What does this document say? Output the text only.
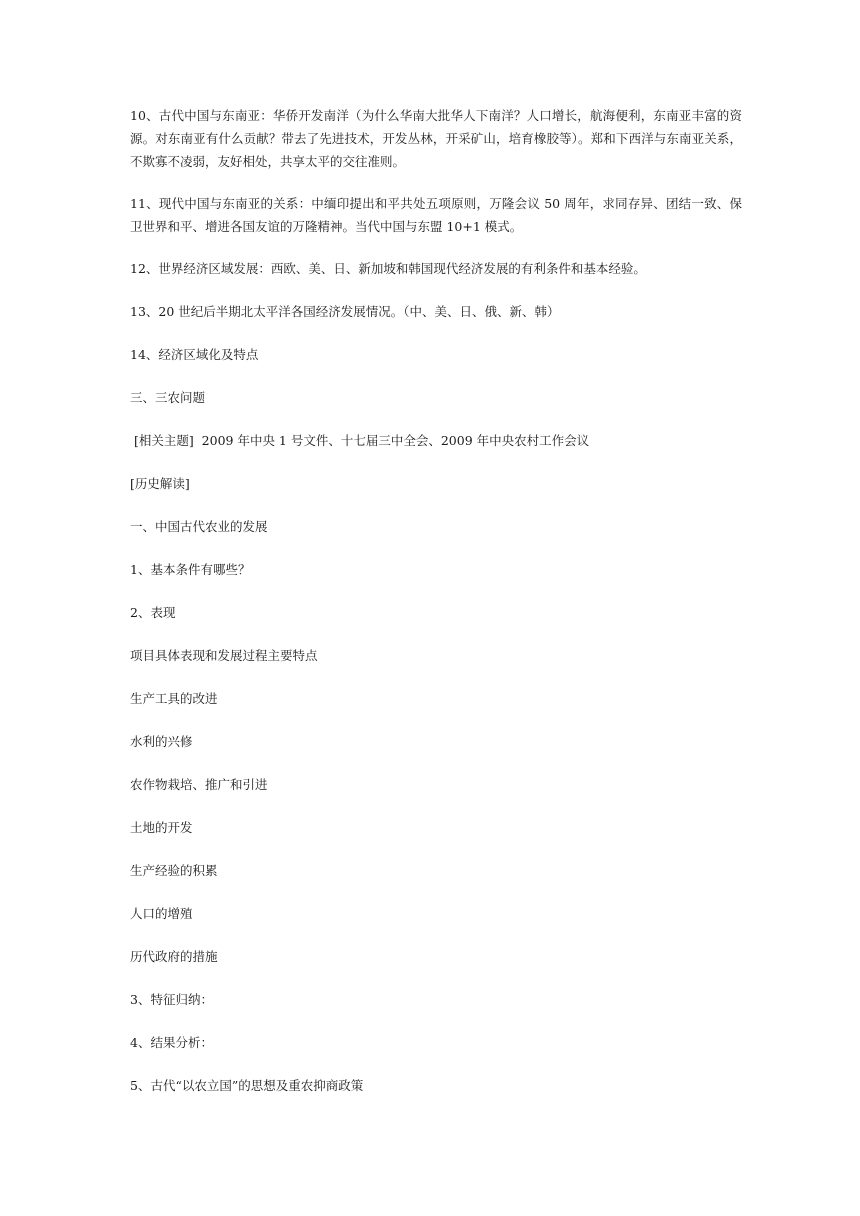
10、古代中国与东南亚：华侨开发南洋（为什么华南大批华人下南洋？人口增长，航海便利，东南亚丰富的资源。对东南亚有什么贡献？带去了先进技术，开发丛林，开采矿山，培育橡胶等）。郑和下西洋与东南亚关系，不欺寡不凌弱，友好相处，共享太平的交往准则。

11、现代中国与东南亚的关系：中缅印提出和平共处五项原则，万隆会议 50 周年，求同存异、团结一致、保卫世界和平、增进各国友谊的万隆精神。当代中国与东盟 10+1 模式。

12、世界经济区域发展：西欧、美、日、新加坡和韩国现代经济发展的有利条件和基本经验。

13、20 世纪后半期北太平洋各国经济发展情况。（中、美、日、俄、新、韩）

14、经济区域化及特点

三、三农问题

[相关主题]  2009 年中央 1 号文件、十七届三中全会、2009 年中央农村工作会议

[历史解读]

一、中国古代农业的发展

1、基本条件有哪些？

2、表现

项目具体表现和发展过程主要特点

生产工具的改进

水利的兴修

农作物栽培、推广和引进

土地的开发

生产经验的积累

人口的增殖

历代政府的措施

3、特征归纳：

4、结果分析：

5、古代“以农立国”的思想及重农抑商政策
